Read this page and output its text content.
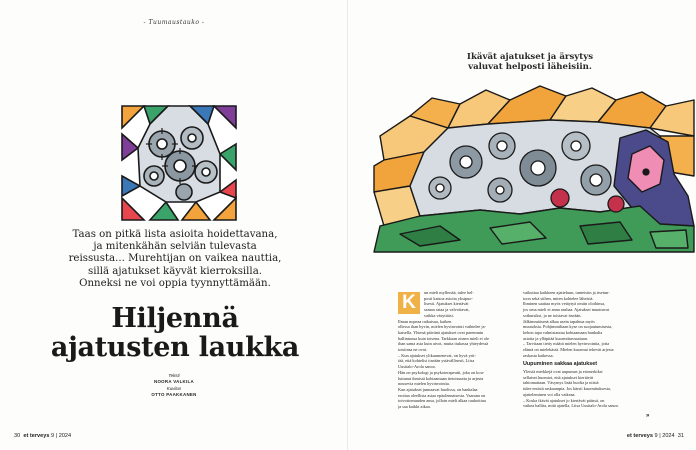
- Tuumaustauko -
Taas on pitkä lista asioita hoidettavana,
ja mitenkähän selviän tulevasta
reissusta... Murehtijan on vaikea nauttia,
sillä ajatukset käyvät kierroksilla.
Onneksi ne voi oppia tyynnyttämään.
Hiljennä
ajatusten laukka
Teksti
NOORA VALKILA
Kuvitus
OTTO PAAKKANEN
30 et terveys 9 | 2024
Ikävät ajatukset ja ärsytys
valuvat helposti läheisiin.
K	un mieli myllertää, tulee hel-
posti katsoa asioita yksipuo-
lisesti. Ajatukset kiertävät
samaa rataa ja valvottavat,
vaikka väsyttäisi.
Ilman nopeaa ratkaisua, kaiken
ollessa ihan hyvin, mielen hyvinvointi vaihtelee ja-
katsella. Yhtenä päivänä ajatukset ovat paremmin
hallinnassa kuin toisena. Tarkkaan ottaen mieli ei ole
ihan sama asia kuin aivot, mutta tiukassa yhteydessä
toisiinsa ne ovat.
– Kun ajatukset ylikuumenevat, on hyvä yrit-
tää, että kohtelisi itseään ystävällisesti, Liisa
Uusitalo-Arola sanoo.
Hän on psykologi ja psykoterapeutti, joka on kou-
luttanut ihmisiä kohtaamaan tietoisuutta ja arjesta
nousevia mielen hyvinvointia.
Kun ajatukset junnaavat huolissa, on hankalaa
erottaa oleellista asiaa epäolennaisesta. Vaarana on
toivottomuuden ansa, jolloin mieli alkaa rauhoittua
ja saa kaikki aikaa.
vaikuttaa kaikkeen ajatteluun, tunteisiin ja itsetun-
toon sekä siihen, miten kohtelee läheisiä.
Ihminen saattaa myös vetäytyä omiin oloihinsa,
jos oma mieli ei anna rauhaa. Ajatukset muuttuvat
sotkuisiksi, ja ne toistavat itseään.
Jälkimmäisenä alkaa usein tapahtua myös
muutoksia. Pohjimmiltaan kyse on suojautumisesta,
kehon tapa valmistautua kohtaamaan hankalia
asioita ja ylläpitää kuormittavuuttaan.
– Tarvitaan tietty määrä mielen hyvinvointia, jotta
elämä on mielekästä. Mielen kuormat tekevät arjesta
raskasta kaikessa.
Uupuminen sakkaa ajatukset
Yleisiä merkkejä ovat uupumus ja esimerkiksi
sellaiset huomiot, että ajatukset kiertävät
tahtomattaan. Väsymys lisää huolia ja niistä
tulee entistä raskaampia. Jos kärsii kuormituksesta,
ajatteleminen voi olla vaikeaa.
– Koska ikävät ajatukset jo kiertävät päässä, on
vaikea hallita, mitä ajatella, Liisa Uusitalo-Arola sanoo.
»
et terveys 9 | 2024 31
